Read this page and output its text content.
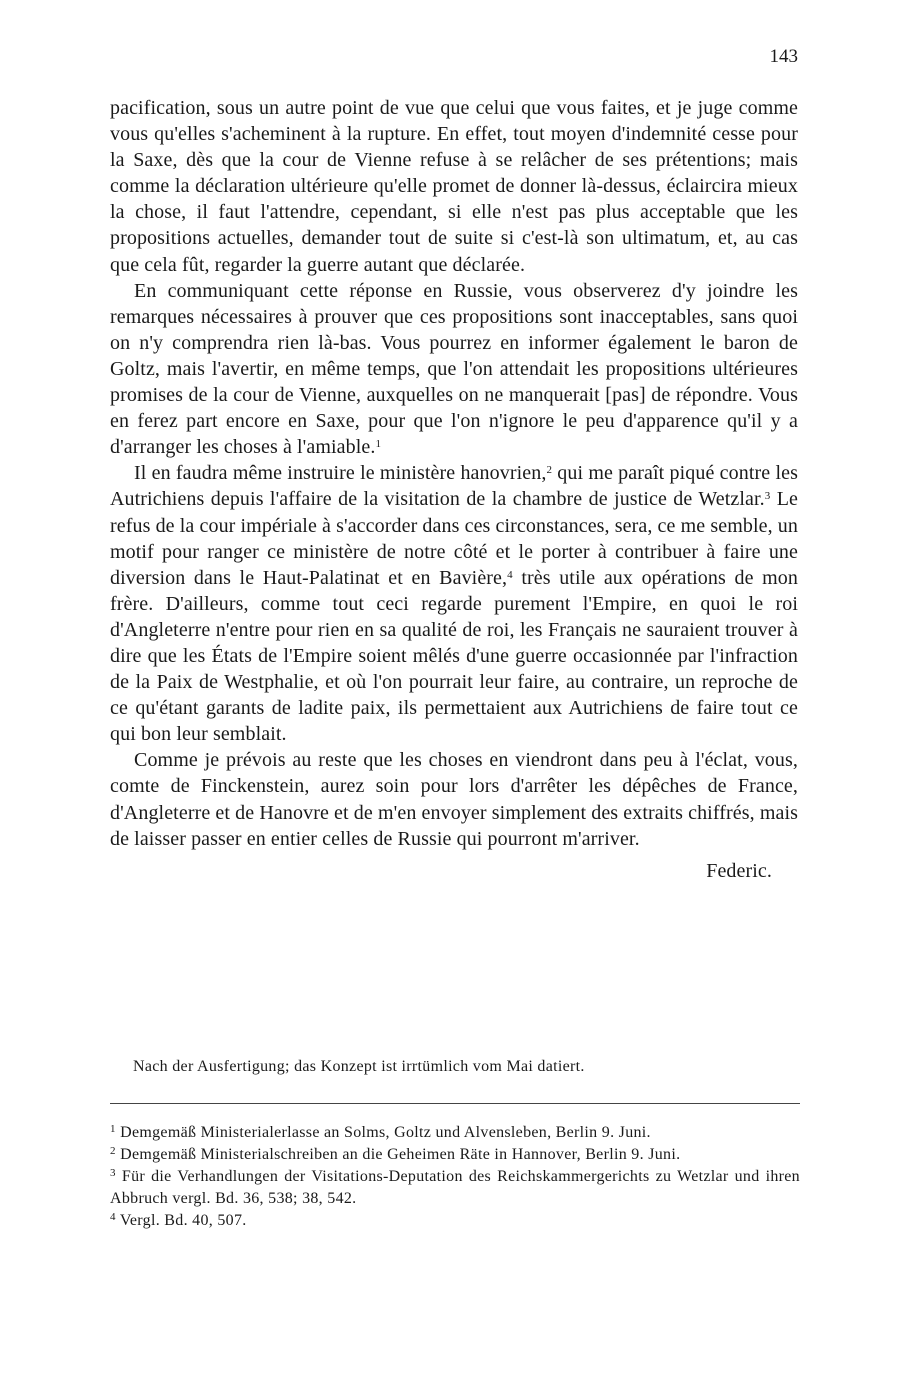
143

pacification, sous un autre point de vue que celui que vous faites, et je juge comme vous qu'elles s'acheminent à la rupture. En effet, tout moyen d'indemnité cesse pour la Saxe, dès que la cour de Vienne refuse à se relâcher de ses prétentions; mais comme la déclaration ultérieure qu'elle promet de donner là-dessus, éclaircira mieux la chose, il faut l'attendre, cependant, si elle n'est pas plus acceptable que les propositions actuelles, demander tout de suite si c'est-là son ultimatum, et, au cas que cela fût, regarder la guerre autant que déclarée.

En communiquant cette réponse en Russie, vous observerez d'y joindre les remarques nécessaires à prouver que ces propositions sont inacceptables, sans quoi on n'y comprendra rien là-bas. Vous pourrez en informer également le baron de Goltz, mais l'avertir, en même temps, que l'on attendait les propositions ultérieures promises de la cour de Vienne, auxquelles on ne manquerait [pas] de répondre. Vous en ferez part encore en Saxe, pour que l'on n'ignore le peu d'apparence qu'il y a d'arranger les choses à l'amiable.$^1$

Il en faudra même instruire le ministère hanovrien,$^2$ qui me paraît piqué contre les Autrichiens depuis l'affaire de la visitation de la chambre de justice de Wetzlar.$^3$ Le refus de la cour impériale à s'accorder dans ces circonstances, sera, ce me semble, un motif pour ranger ce ministère de notre côté et le porter à contribuer à faire une diversion dans le Haut-Palatinat et en Bavière,$^4$ très utile aux opérations de mon frère. D'ailleurs, comme tout ceci regarde purement l'Empire, en quoi le roi d'Angleterre n'entre pour rien en sa qualité de roi, les Français ne sauraient trouver à dire que les États de l'Empire soient mêlés d'une guerre occasionnée par l'infraction de la Paix de Westphalie, et où l'on pourrait leur faire, au contraire, un reproche de ce qu'étant garants de ladite paix, ils permettaient aux Autrichiens de faire tout ce qui bon leur semblait.

Comme je prévois au reste que les choses en viendront dans peu à l'éclat, vous, comte de Finckenstein, aurez soin pour lors d'arrêter les dépêches de France, d'Angleterre et de Hanovre et de m'en envoyer simplement des extraits chiffrés, mais de laisser passer en entier celles de Russie qui pourront m'arriver.

Federic.
Nach der Ausfertigung; das Konzept ist irrtümlich vom Mai datiert.

$^1$ Demgemäß Ministerialerlasse an Solms, Goltz und Alvensleben, Berlin 9. Juni.

$^2$ Demgemäß Ministerialschreiben an die Geheimen Räte in Hannover, Berlin 9. Juni.

$^3$ Für die Verhandlungen der Visitations-Deputation des Reichskammergerichts zu Wetzlar und ihren Abbruch vergl. Bd. 36, 538; 38, 542.

$^4$ Vergl. Bd. 40, 507.
